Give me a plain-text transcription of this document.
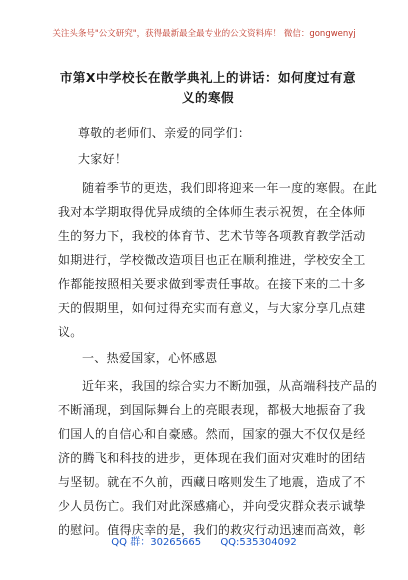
关注头条号"公文研究"，获得最新最全最专业的公文资料库！ 微信：gongwenyj
市第X中学校长在散学典礼上的讲话：如何度过有意义的寒假
尊敬的老师们、亲爱的同学们：
大家好！
随着季节的更迭，我们即将迎来一年一度的寒假。在此
我对本学期取得优异成绩的全体师生表示祝贺，在全体师
生的努力下，我校的体育节、艺术节等各项教育教学活动
如期进行，学校微改造项目也正在顺利推进，学校安全工
作都能按照相关要求做到零责任事故。在接下来的二十多
天的假期里，如何过得充实而有意义，与大家分享几点建
议。
一、热爱国家，心怀感恩
近年来，我国的综合实力不断加强，从高端科技产品的
不断涌现，到国际舞台上的亮眼表现，都极大地振奋了我
们国人的自信心和自豪感。然而，国家的强大不仅仅是经
济的腾飞和科技的进步，更体现在我们面对灾难时的团结
与坚韧。就在不久前，西藏日喀则发生了地震，造成了不
少人员伤亡。我们对此深感痛心，并向受灾群众表示诚挚
的慰问。值得庆幸的是，我们的救灾行动迅速而高效，彰
QQ 群：30265665 QQ:535304092
